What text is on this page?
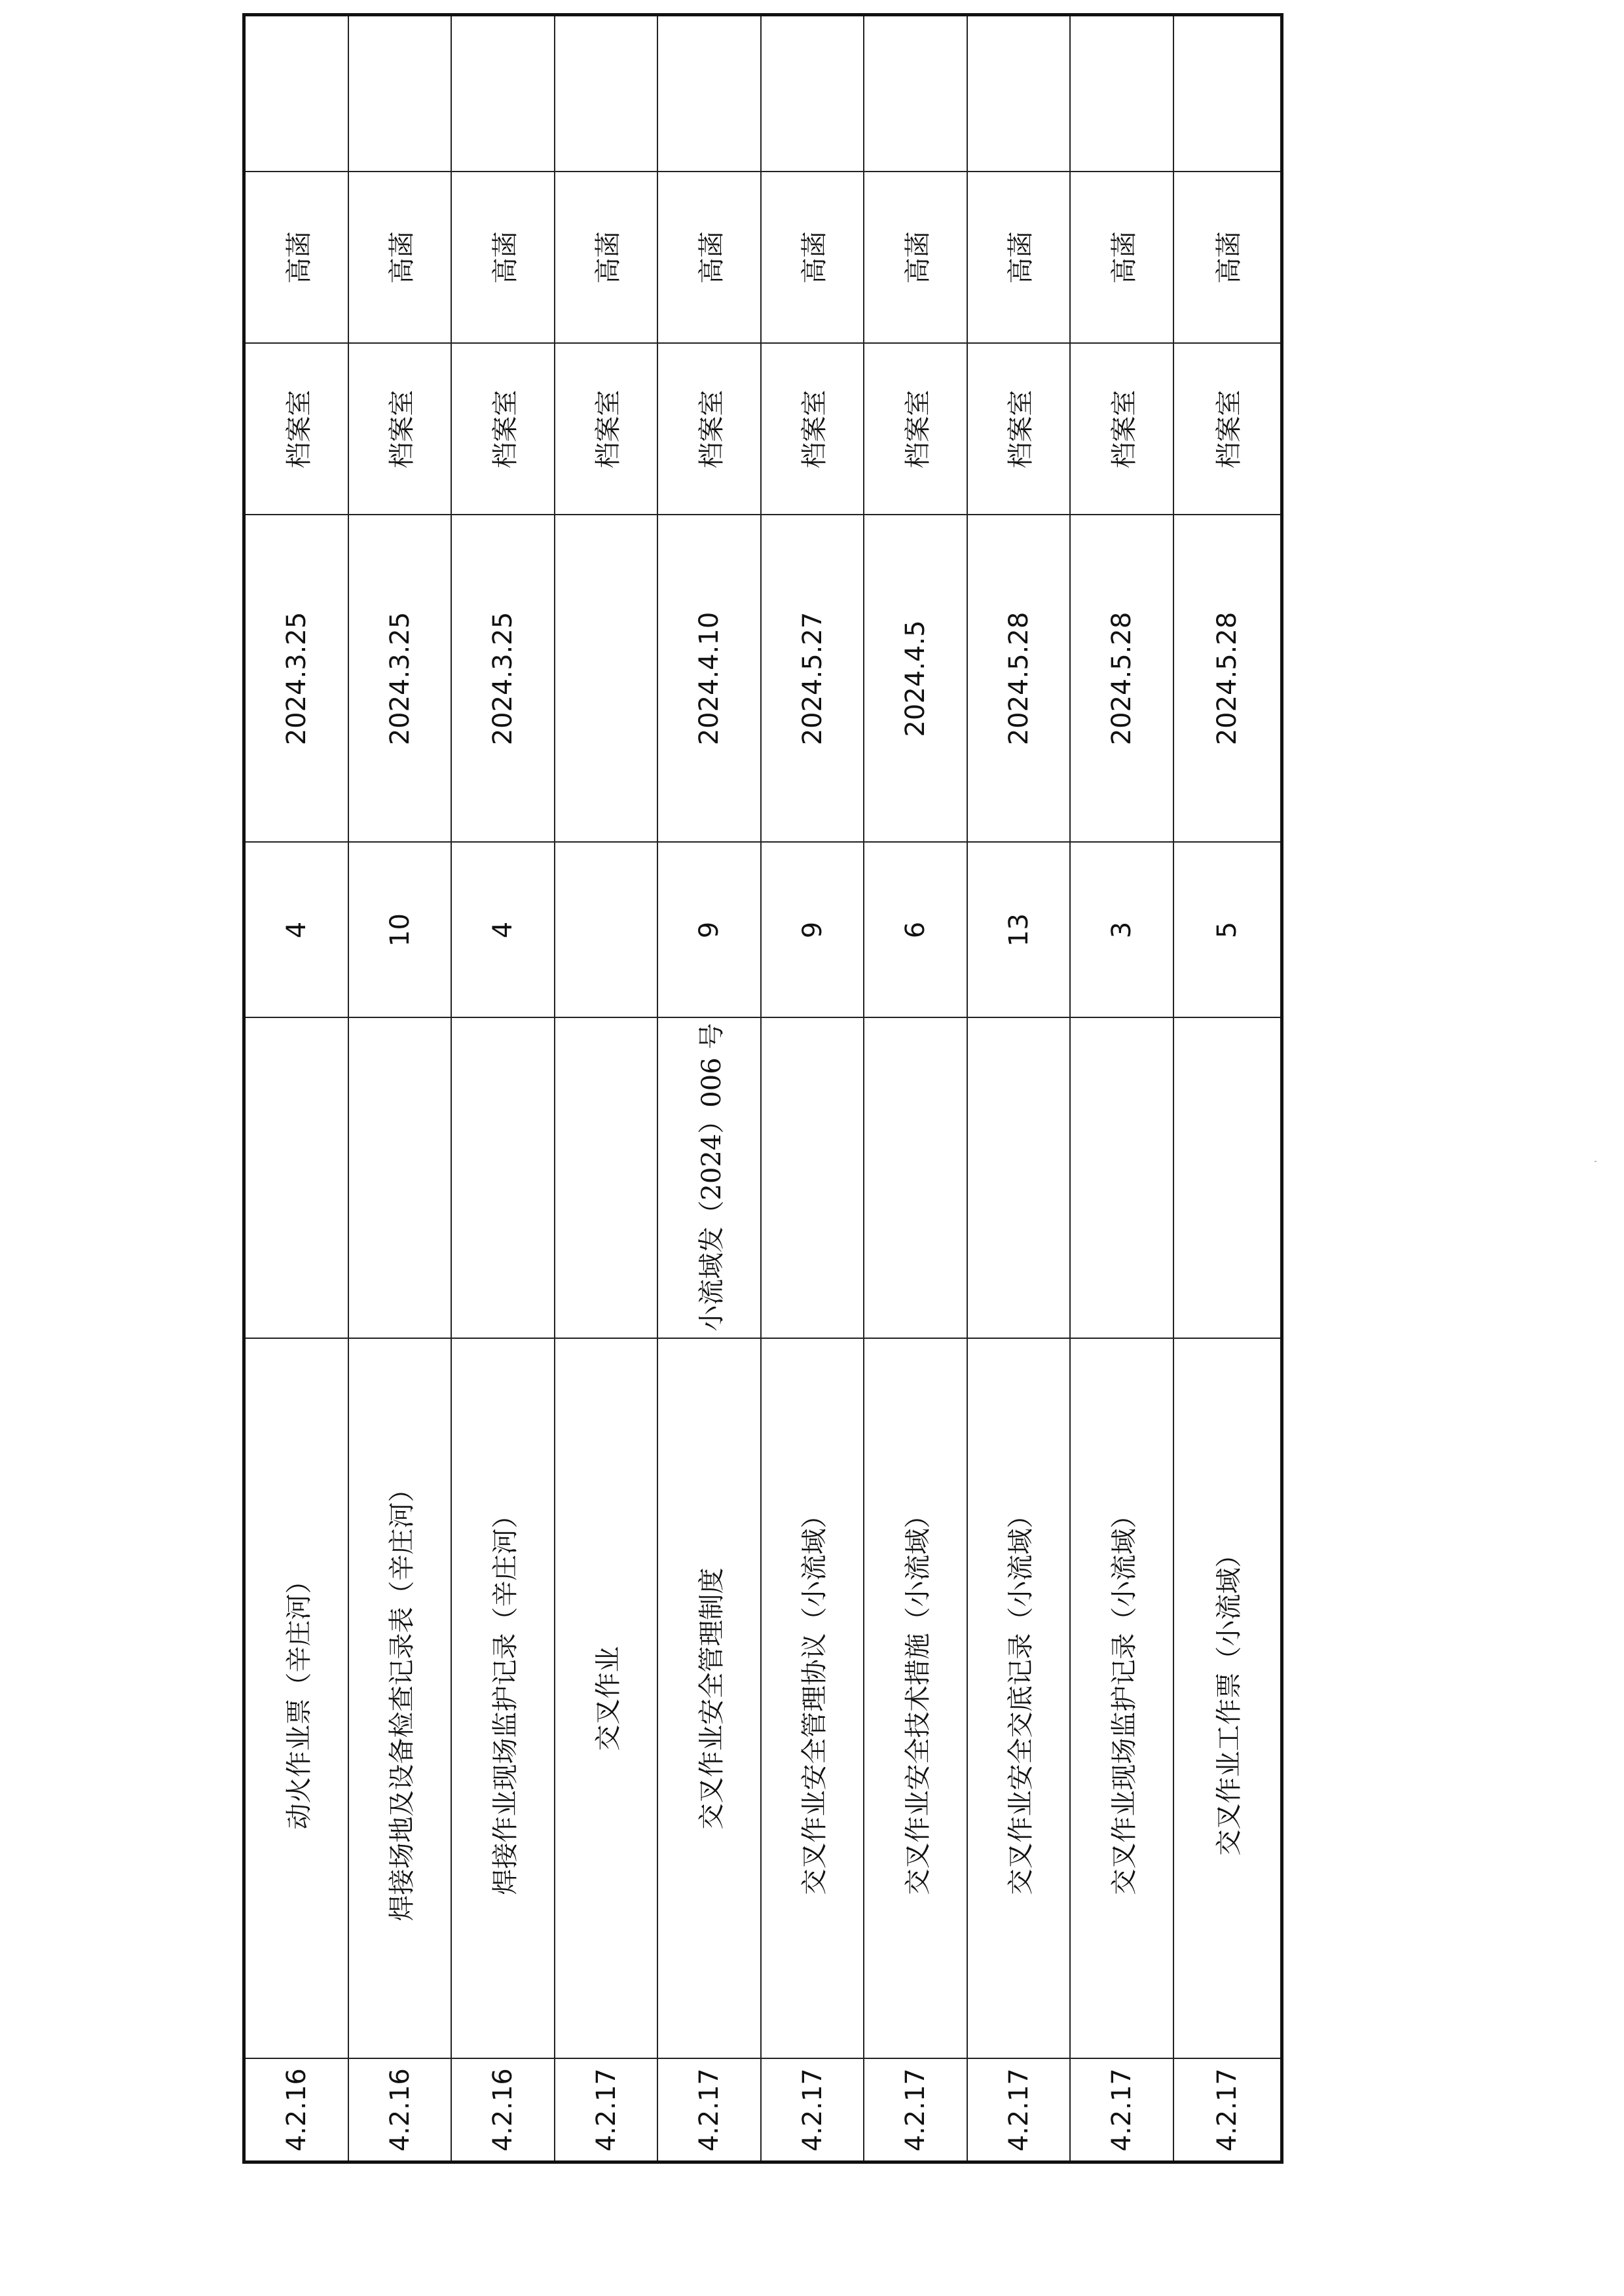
4.2.16	动火作业票（辛庄河）		4	2024.3.25	档案室	高菡	
4.2.16	焊接场地及设备检查记录表（辛庄河）		10	2024.3.25	档案室	高菡	
4.2.16	焊接作业现场监护记录（辛庄河）		4	2024.3.25	档案室	高菡	
4.2.17	交叉作业				档案室	高菡	
4.2.17	交叉作业安全管理制度	小流域发（2024）006 号	9	2024.4.10	档案室	高菡	
4.2.17	交叉作业安全管理协议（小流域）		9	2024.5.27	档案室	高菡	
4.2.17	交叉作业安全技术措施（小流域）		6	2024.4.5	档案室	高菡	
4.2.17	交叉作业安全交底记录（小流域）		13	2024.5.28	档案室	高菡	
4.2.17	交叉作业现场监护记录（小流域）		3	2024.5.28	档案室	高菡	
4.2.17	交叉作业工作票（小流域）		5	2024.5.28	档案室	高菡	
